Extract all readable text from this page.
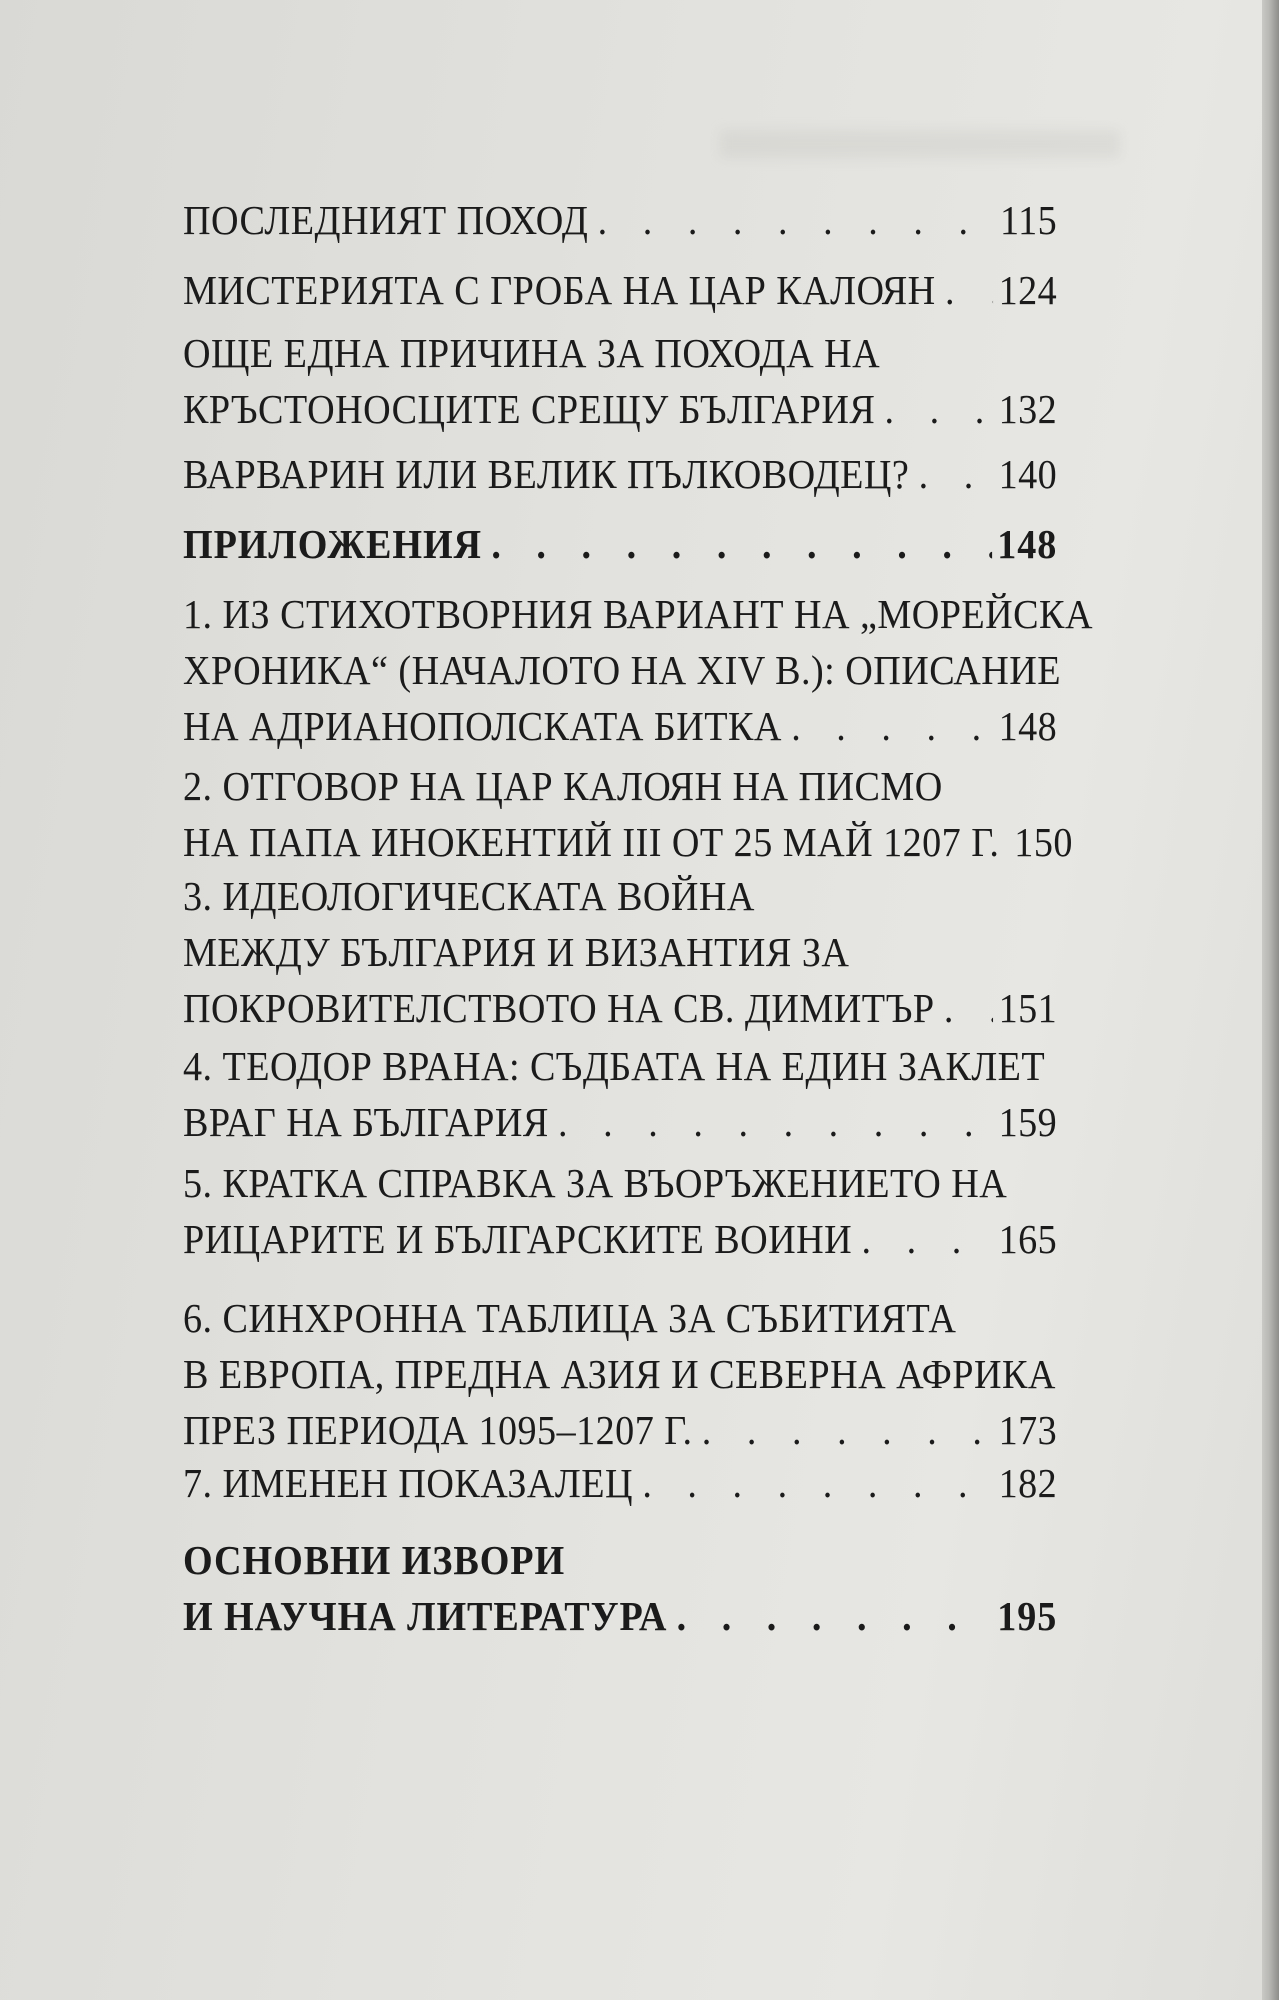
ПОСЛЕДНИЯТ ПОХОД . . .	115
МИСТЕРИЯТА С ГРОБА НА ЦАР КАЛОЯН . . . 124
ОЩЕ ЕДНА ПРИЧИНА ЗА ПОХОДА НА
КРЪСТОНОСЦИТЕ СРЕЩУ БЪЛГАРИЯ . . .	132
ВАРВАРИН ИЛИ ВЕЛИК ПЪЛКОВОДЕЦ? . . . 140
ПРИЛОЖЕНИЯ . . .	148
1. ИЗ СТИХОТВОРНИЯ ВАРИАНТ НА „МОРЕЙСКА
ХРОНИКА“ (НАЧАЛОТО НА XIV В.): ОПИСАНИЕ
НА АДРИАНОПОЛСКАТА БИТКА . . .	148
2. ОТГОВОР НА ЦАР КАЛОЯН НА ПИСМО
НА ПАПА ИНОКЕНТИЙ III ОТ 25 МАЙ 1207 Г. 150
3. ИДЕОЛОГИЧЕСКАТА ВОЙНА
МЕЖДУ БЪЛГАРИЯ И ВИЗАНТИЯ ЗА
ПОКРОВИТЕЛСТВОТО НА СВ. ДИМИТЪР . . . 151
4. ТЕОДОР ВРАНА: СЪДБАТА НА ЕДИН ЗАКЛЕТ
ВРАГ НА БЪЛГАРИЯ . . .	159
5. КРАТКА СПРАВКА ЗА ВЪОРЪЖЕНИЕТО НА
РИЦАРИТЕ И БЪЛГАРСКИТЕ ВОИНИ . . .	165
6. СИНХРОННА ТАБЛИЦА ЗА СЪБИТИЯТА
В ЕВРОПА, ПРЕДНА АЗИЯ И СЕВЕРНА АФРИКА
ПРЕЗ ПЕРИОДА 1095–1207 Г. . . .	173
7. ИМЕНЕН ПОКАЗАЛЕЦ . . .	182
ОСНОВНИ ИЗВОРИ
И НАУЧНА ЛИТЕРАТУРА . . .	195
